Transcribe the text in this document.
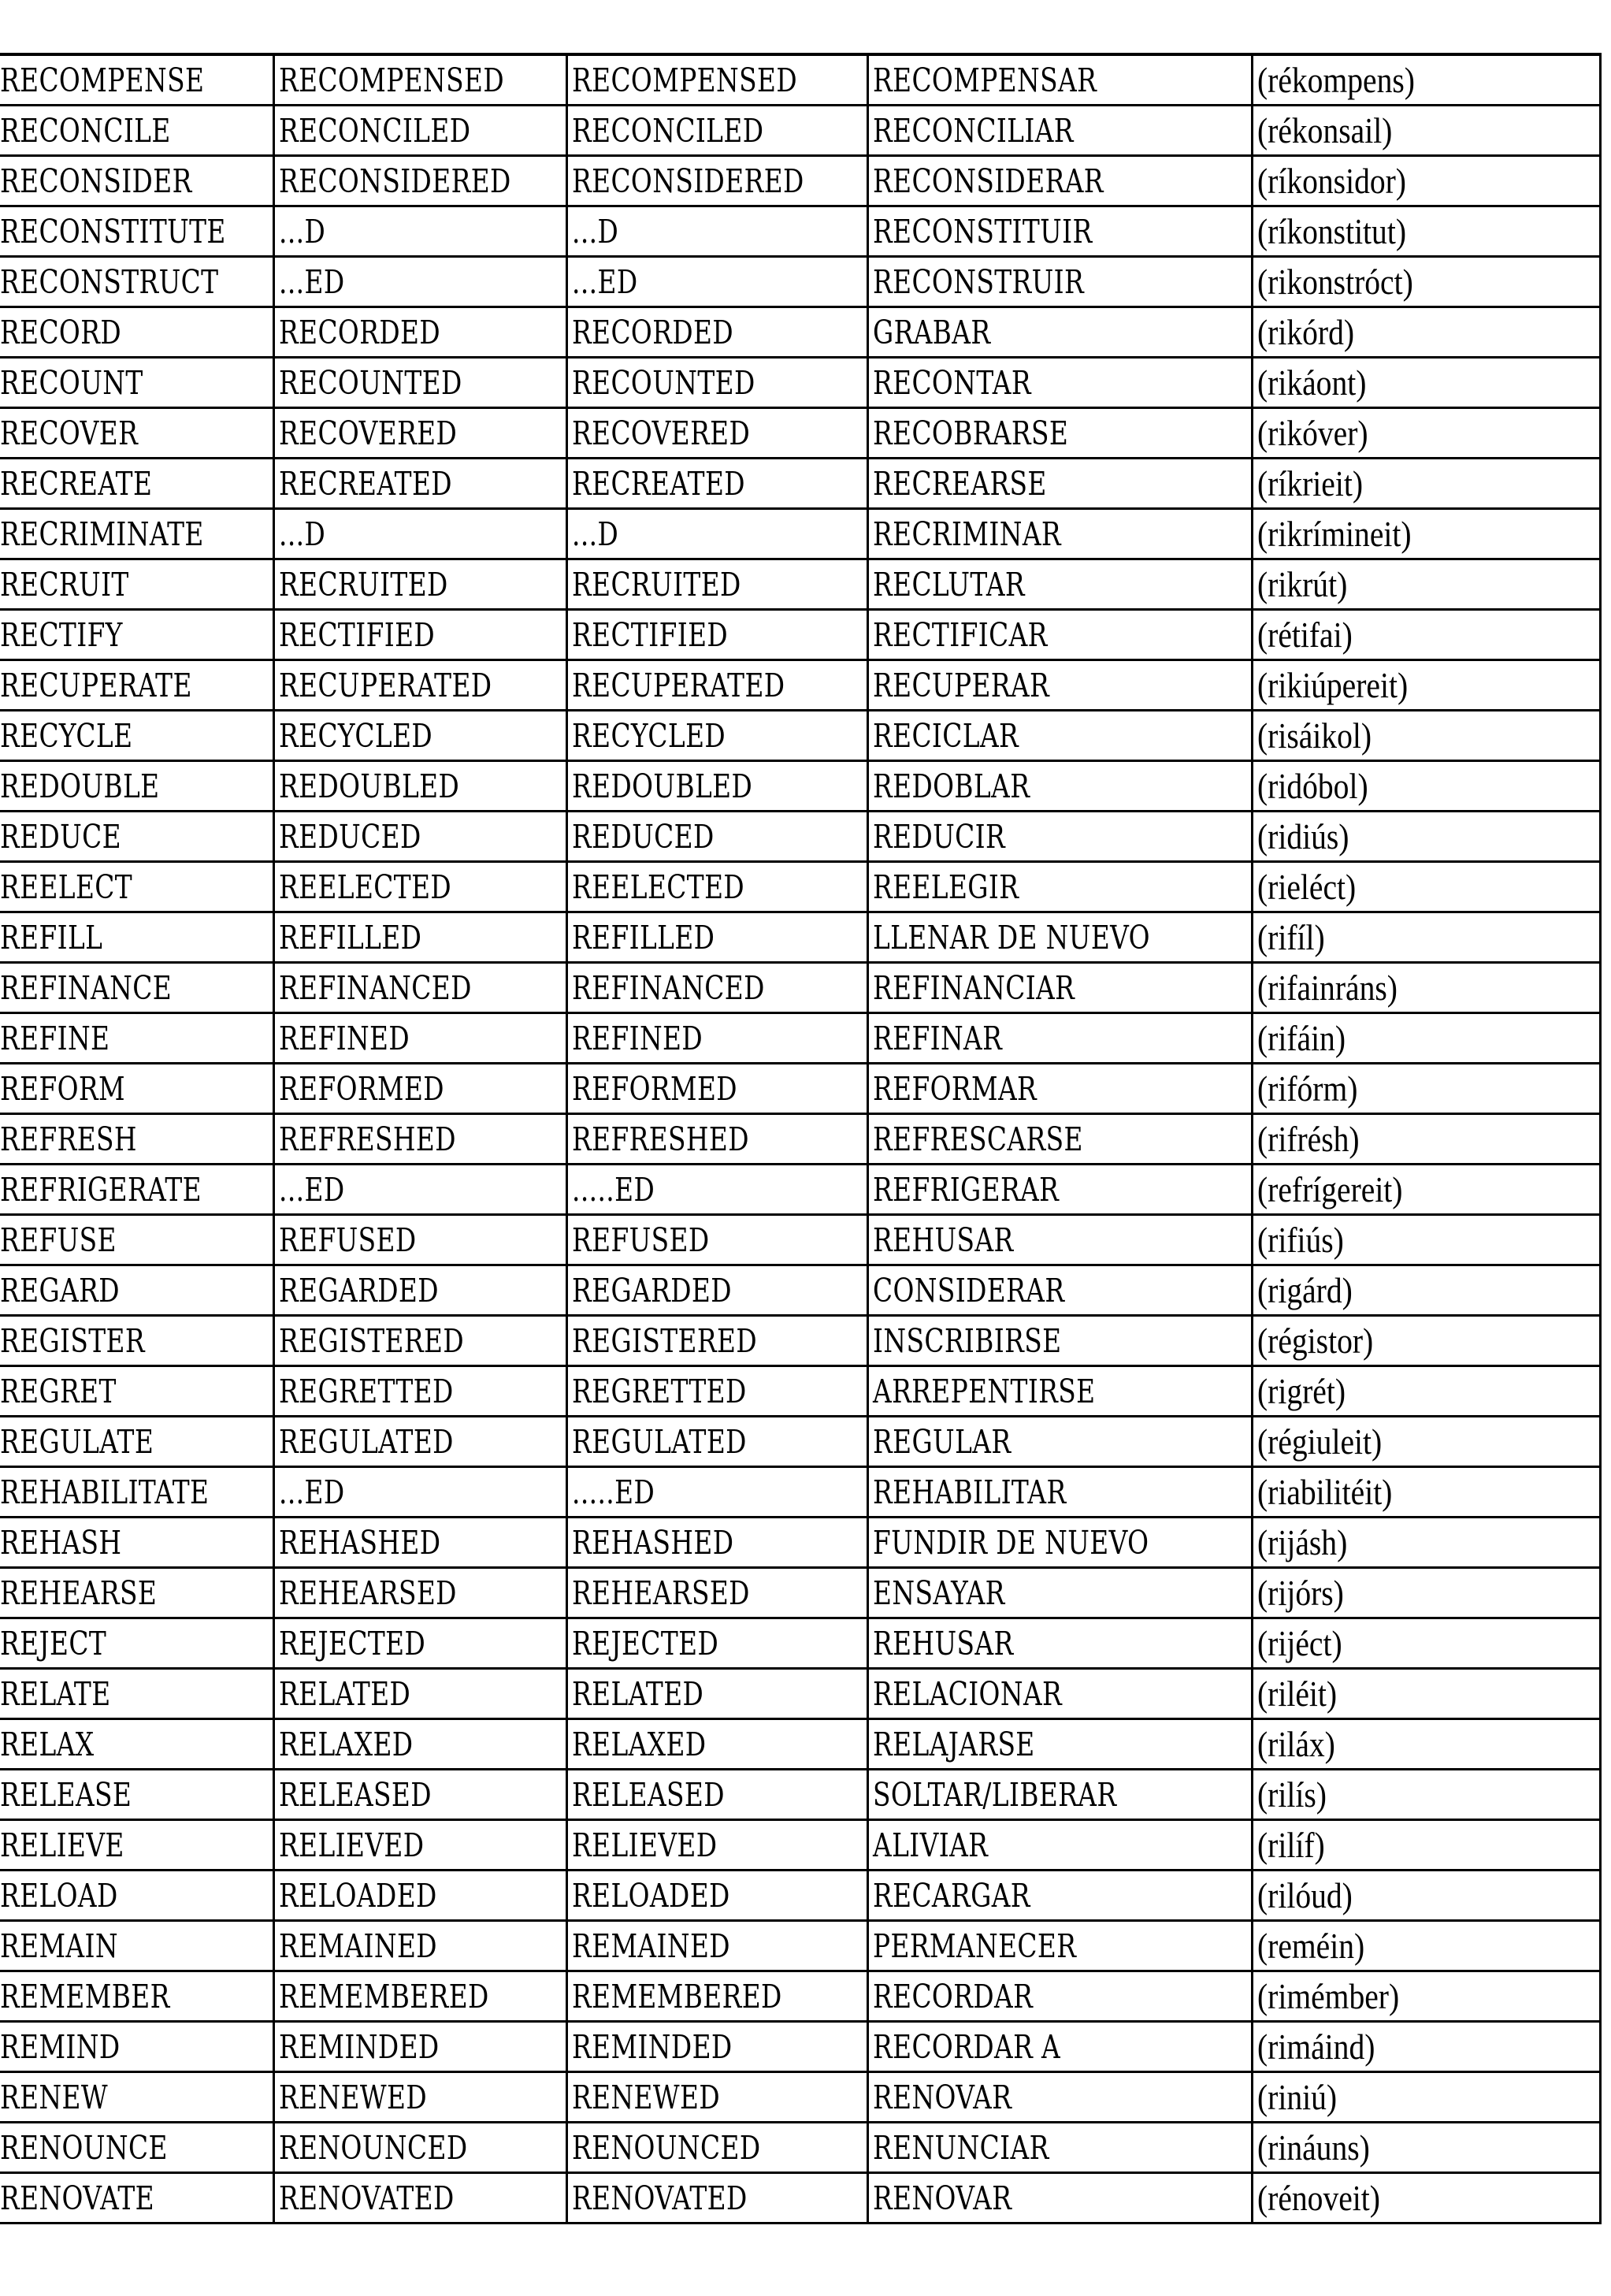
RECOMPENSE	RECOMPENSED	RECOMPENSED	RECOMPENSAR	(rékompens)
RECONCILE	RECONCILED	RECONCILED	RECONCILIAR	(rékonsail)
RECONSIDER	RECONSIDERED	RECONSIDERED	RECONSIDERAR	(ríkonsidor)
RECONSTITUTE	...D	...D	RECONSTITUIR	(ríkonstitut)
RECONSTRUCT	...ED	...ED	RECONSTRUIR	(rikonstróct)
RECORD	RECORDED	RECORDED	GRABAR	(rikórd)
RECOUNT	RECOUNTED	RECOUNTED	RECONTAR	(rikáont)
RECOVER	RECOVERED	RECOVERED	RECOBRARSE	(rikóver)
RECREATE	RECREATED	RECREATED	RECREARSE	(ríkrieit)
RECRIMINATE	...D	...D	RECRIMINAR	(rikrímineit)
RECRUIT	RECRUITED	RECRUITED	RECLUTAR	(rikrút)
RECTIFY	RECTIFIED	RECTIFIED	RECTIFICAR	(rétifai)
RECUPERATE	RECUPERATED	RECUPERATED	RECUPERAR	(rikiúpereit)
RECYCLE	RECYCLED	RECYCLED	RECICLAR	(risáikol)
REDOUBLE	REDOUBLED	REDOUBLED	REDOBLAR	(ridóbol)
REDUCE	REDUCED	REDUCED	REDUCIR	(ridiús)
REELECT	REELECTED	REELECTED	REELEGIR	(rieléct)
REFILL	REFILLED	REFILLED	LLENAR DE NUEVO	(rifíl)
REFINANCE	REFINANCED	REFINANCED	REFINANCIAR	(rifainráns)
REFINE	REFINED	REFINED	REFINAR	(rifáin)
REFORM	REFORMED	REFORMED	REFORMAR	(rifórm)
REFRESH	REFRESHED	REFRESHED	REFRESCARSE	(rifrésh)
REFRIGERATE	...ED	.....ED	REFRIGERAR	(refrígereit)
REFUSE	REFUSED	REFUSED	REHUSAR	(rifiús)
REGARD	REGARDED	REGARDED	CONSIDERAR	(rigárd)
REGISTER	REGISTERED	REGISTERED	INSCRIBIRSE	(régistor)
REGRET	REGRETTED	REGRETTED	ARREPENTIRSE	(rigrét)
REGULATE	REGULATED	REGULATED	REGULAR	(régiuleit)
REHABILITATE	...ED	.....ED	REHABILITAR	(riabilitéit)
REHASH	REHASHED	REHASHED	FUNDIR DE NUEVO	(rijásh)
REHEARSE	REHEARSED	REHEARSED	ENSAYAR	(rijórs)
REJECT	REJECTED	REJECTED	REHUSAR	(rijéct)
RELATE	RELATED	RELATED	RELACIONAR	(riléit)
RELAX	RELAXED	RELAXED	RELAJARSE	(riláx)
RELEASE	RELEASED	RELEASED	SOLTAR/LIBERAR	(rilís)
RELIEVE	RELIEVED	RELIEVED	ALIVIAR	(rilíf)
RELOAD	RELOADED	RELOADED	RECARGAR	(rilóud)
REMAIN	REMAINED	REMAINED	PERMANECER	(reméin)
REMEMBER	REMEMBERED	REMEMBERED	RECORDAR	(rimémber)
REMIND	REMINDED	REMINDED	RECORDAR A	(rimáind)
RENEW	RENEWED	RENEWED	RENOVAR	(riniú)
RENOUNCE	RENOUNCED	RENOUNCED	RENUNCIAR	(rináuns)
RENOVATE	RENOVATED	RENOVATED	RENOVAR	(rénoveit)
